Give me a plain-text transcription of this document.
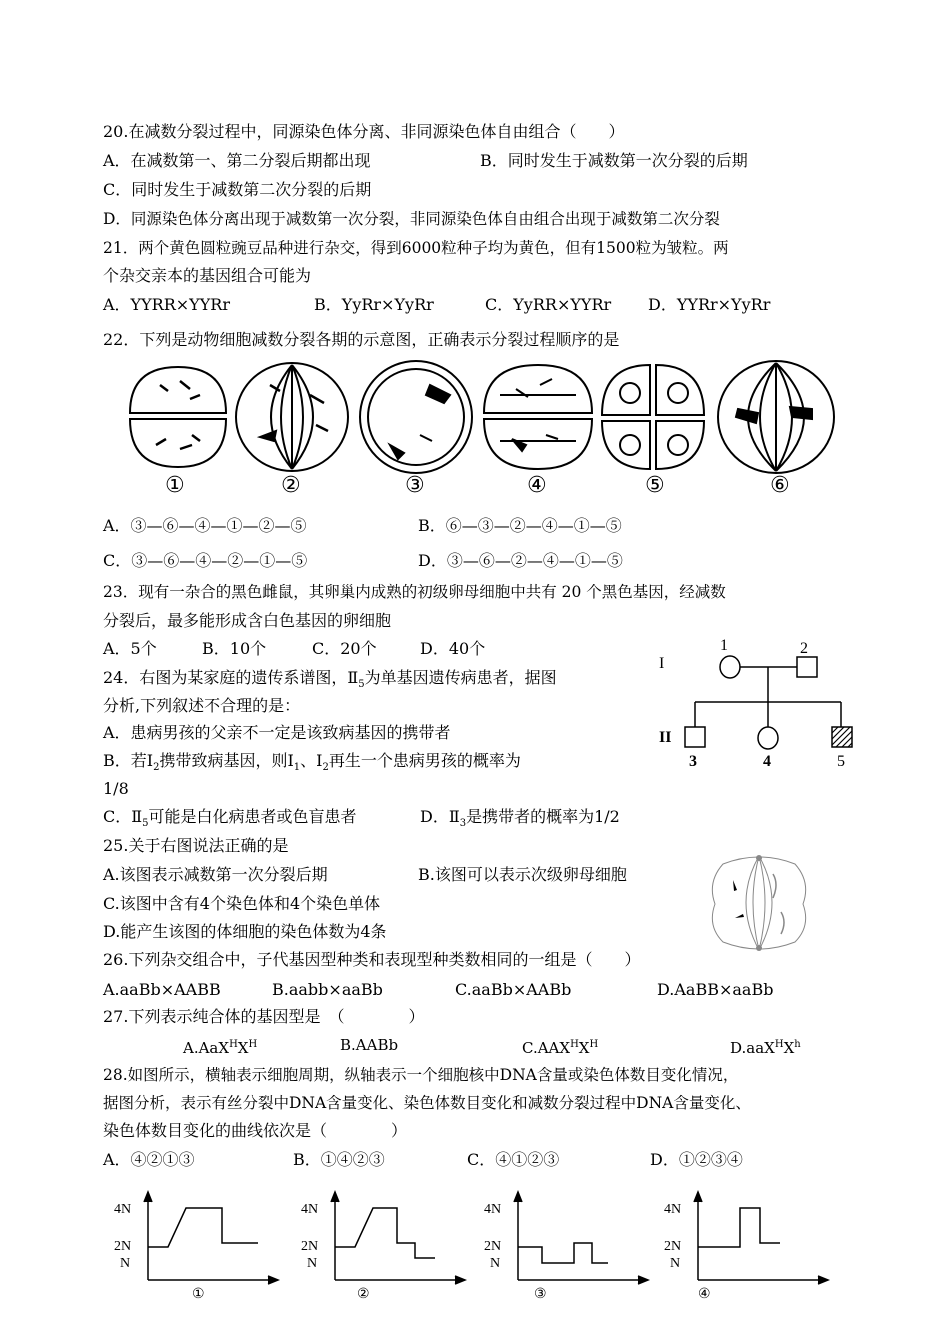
20.在减数分裂过程中，同源染色体分离、非同源染色体自由组合（　　）
A．在减数第一、第二分裂后期都出现	B．同时发生于减数第一次分裂的后期
C．同时发生于减数第二次分裂的后期
D．同源染色体分离出现于减数第一次分裂，非同源染色体自由组合出现于减数第二次分裂
21．两个黄色圆粒豌豆品种进行杂交，得到6000粒种子均为黄色，但有1500粒为皱粒。两
个杂交亲本的基因组合可能为
A．YYRR×YYRr	B．YyRr×YyRr	C．YyRR×YYRr D．YYRr×YyRr
22．下列是动物细胞减数分裂各期的示意图，正确表示分裂过程顺序的是
①	②	③	④	⑤	⑥
A．③—⑥—④—①—②—⑤	B．⑥—③—②—④—①—⑤
C．③—⑥—④—②—①—⑤	D．③—⑥—②—④—①—⑤
23．现有一杂合的黑色雌鼠，其卵巢内成熟的初级卵母细胞中共有 20 个黑色基因，经减数
分裂后，最多能形成含白色基因的卵细胞
A．5个	B．10个	C．20个	D．40个
24．右图为某家庭的遗传系谱图，$Ⅱ_5$为单基因遗传病患者，据图
分析,下列叙述不合理的是：
A．患病男孩的父亲不一定是该致病基因的携带者
B．若$Ⅰ_2$携带致病基因，则$Ⅰ_1$、$Ⅰ_2$再生一个患病男孩的概率为
1/8
C．$Ⅱ_5$可能是白化病患者或色盲患者	D．$Ⅱ_3$是携带者的概率为1/2
I
II
1	2
3	4	5
25.关于右图说法正确的是
A.该图表示减数第一次分裂后期	B.该图可以表示次级卵母细胞
C.该图中含有4个染色体和4个染色单体
D.能产生该图的体细胞的染色体数为4条
26.下列杂交组合中，子代基因型种类和表现型种类数相同的一组是（　　）
A.aaBb×AABB	B.aabb×aaBb	C.aaBb×AABb	D.AaBB×aaBb
27.下列表示纯合体的基因型是　（　　　　）
$A.AaX^HX^H$	B.AABb	$C.AAX^HX^H$	$D.aaX^HX^h$
28.如图所示，横轴表示细胞周期，纵轴表示一个细胞核中DNA含量或染色体数目变化情况，
据图分析，表示有丝分裂中DNA含量变化、染色体数目变化和减数分裂过程中DNA含量变化、
染色体数目变化的曲线依次是（　　　　）
A．④②①③	B．①④②③	C．④①②③	D．①②③④
4N
2N
N
①
4N
2N
N
②
4N
2N
N
③
4N
2N
N
④
